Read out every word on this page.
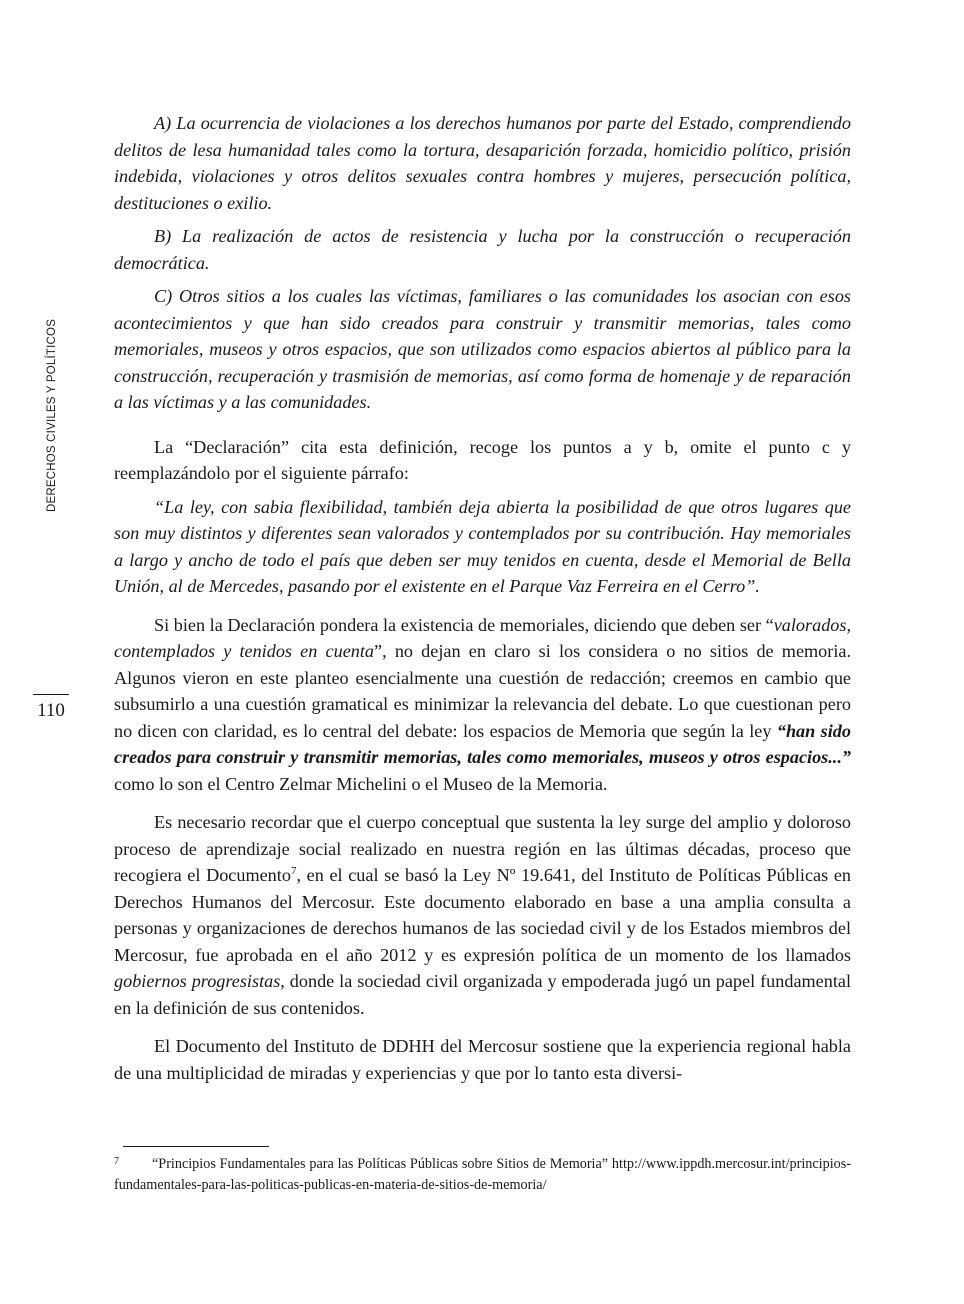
DERECHOS CIVILES Y POLÍTICOS
110

A) La ocurrencia de violaciones a los derechos humanos por parte del Estado, comprendiendo delitos de lesa humanidad tales como la tortura, desaparición forzada, homicidio político, prisión indebida, violaciones y otros delitos sexuales contra hombres y mujeres, persecución política, destituciones o exilio.

B) La realización de actos de resistencia y lucha por la construcción o recuperación democrática.

C) Otros sitios a los cuales las víctimas, familiares o las comunidades los asocian con esos acontecimientos y que han sido creados para construir y transmitir memorias, tales como memoriales, museos y otros espacios, que son utilizados como espacios abiertos al público para la construcción, recuperación y trasmisión de memorias, así como forma de homenaje y de reparación a las víctimas y a las comunidades.

La “Declaración” cita esta definición, recoge los puntos a y b, omite el punto c y reemplazándolo por el siguiente párrafo:

“La ley, con sabia flexibilidad, también deja abierta la posibilidad de que otros lugares que son muy distintos y diferentes sean valorados y contemplados por su contribución. Hay memoriales a largo y ancho de todo el país que deben ser muy tenidos en cuenta, desde el Memorial de Bella Unión, al de Mercedes, pasando por el existente en el Parque Vaz Ferreira en el Cerro”.

Si bien la Declaración pondera la existencia de memoriales, diciendo que deben ser “valorados, contemplados y tenidos en cuenta”, no dejan en claro si los considera o no sitios de memoria. Algunos vieron en este planteo esencialmente una cuestión de redacción; creemos en cambio que subsumirlo a una cuestión gramatical es minimizar la relevancia del debate. Lo que cuestionan pero no dicen con claridad, es lo central del debate: los espacios de Memoria que según la ley “han sido creados para construir y transmitir memorias, tales como memoriales, museos y otros espacios...” como lo son el Centro Zelmar Michelini o el Museo de la Memoria.

Es necesario recordar que el cuerpo conceptual que sustenta la ley surge del amplio y doloroso proceso de aprendizaje social realizado en nuestra región en las últimas décadas, proceso que recogiera el Documento$^7$, en el cual se basó la Ley Nº 19.641, del Instituto de Políticas Públicas en Derechos Humanos del Mercosur. Este documento elaborado en base a una amplia consulta a personas y organizaciones de derechos humanos de las sociedad civil y de los Estados miembros del Mercosur, fue aprobada en el año 2012 y es expresión política de un momento de los llamados gobiernos progresistas, donde la sociedad civil organizada y empoderada jugó un papel fundamental en la definición de sus contenidos.

El Documento del Instituto de DDHH del Mercosur sostiene que la experiencia regional habla de una multiplicidad de miradas y experiencias y que por lo tanto esta diversi-

7 “Principios Fundamentales para las Políticas Públicas sobre Sitios de Memoria” http://www.ippdh.mercosur.int/principios-fundamentales-para-las-politicas-publicas-en-materia-de-sitios-de-memoria/
